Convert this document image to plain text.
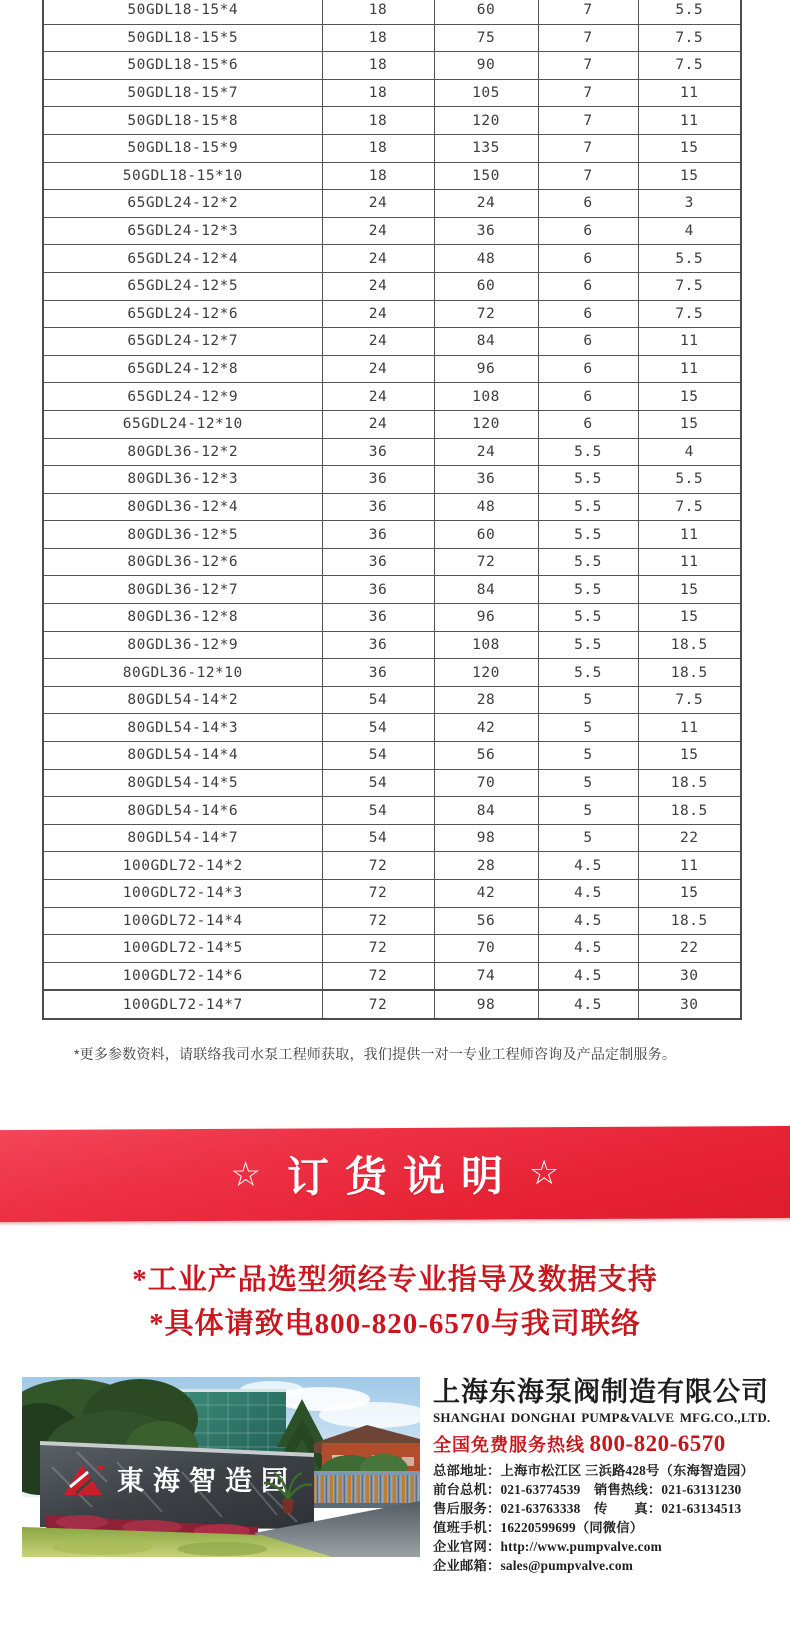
50GDL18-15*4	18	60	7	5.5
50GDL18-15*5	18	75	7	7.5
50GDL18-15*6	18	90	7	7.5
50GDL18-15*7	18	105	7	11
50GDL18-15*8	18	120	7	11
50GDL18-15*9	18	135	7	15
50GDL18-15*10	18	150	7	15
65GDL24-12*2	24	24	6	3
65GDL24-12*3	24	36	6	4
65GDL24-12*4	24	48	6	5.5
65GDL24-12*5	24	60	6	7.5
65GDL24-12*6	24	72	6	7.5
65GDL24-12*7	24	84	6	11
65GDL24-12*8	24	96	6	11
65GDL24-12*9	24	108	6	15
65GDL24-12*10	24	120	6	15
80GDL36-12*2	36	24	5.5	4
80GDL36-12*3	36	36	5.5	5.5
80GDL36-12*4	36	48	5.5	7.5
80GDL36-12*5	36	60	5.5	11
80GDL36-12*6	36	72	5.5	11
80GDL36-12*7	36	84	5.5	15
80GDL36-12*8	36	96	5.5	15
80GDL36-12*9	36	108	5.5	18.5
80GDL36-12*10	36	120	5.5	18.5
80GDL54-14*2	54	28	5	7.5
80GDL54-14*3	54	42	5	11
80GDL54-14*4	54	56	5	15
80GDL54-14*5	54	70	5	18.5
80GDL54-14*6	54	84	5	18.5
80GDL54-14*7	54	98	5	22
100GDL72-14*2	72	28	4.5	11
100GDL72-14*3	72	42	4.5	15
100GDL72-14*4	72	56	4.5	18.5
100GDL72-14*5	72	70	4.5	22
100GDL72-14*6	72	74	4.5	30
100GDL72-14*7	72	98	4.5	30
*更多参数资料，请联络我司水泵工程师获取，我们提供一对一专业工程师咨询及产品定制服务。
☆ 订货说明 ☆
*工业产品选型须经专业指导及数据支持
*具体请致电800-820-6570与我司联络
東海智造园
上海东海泵阀制造有限公司
SHANGHAI DONGHAI PUMP&VALVE MFG.CO.,LTD.
全国免费服务热线 800-820-6570
总部地址：上海市松江区 三浜路428号（东海智造园）
前台总机：021-63774539　销售热线：021-63131230
售后服务：021-63763338　传　　真：021-63134513
值班手机：16220599699（同微信）
企业官网：http://www.pumpvalve.com
企业邮箱：sales@pumpvalve.com
